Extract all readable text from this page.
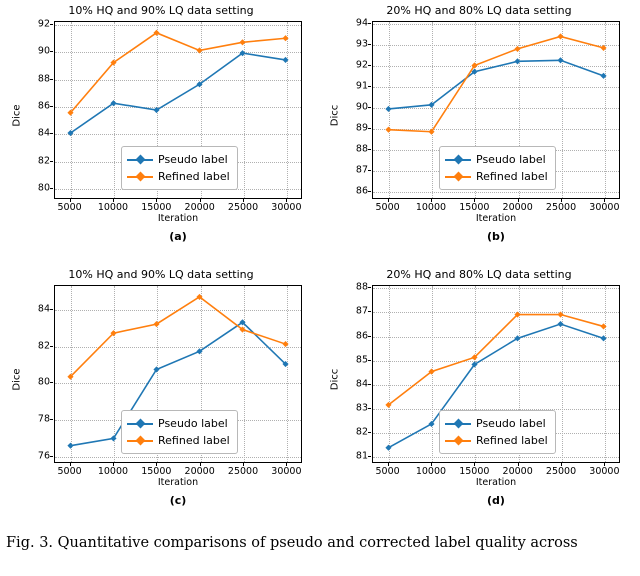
10% HQ and 90% LQ data setting
80
82
84
86
88
90
92
Pseudo label
Refined label
5000 10000 15000 20000 25000 30000
Dice
Iteration
(a)
20% HQ and 80% LQ data setting
86
87
88
89
90
91
92
93
94
Pseudo label
Refined label
5000 10000 15000 20000 25000 30000
Dicc
Iteration
(b)
10% HQ and 90% LQ data setting
76
78
80
82
84
Pseudo label
Refined label
5000 10000 15000 20000 25000 30000
Dice
Iteration
(c)
20% HQ and 80% LQ data setting
81
82
83
84
85
86
87
88
Pseudo label
Refined label
5000 10000 15000 20000 25000 30000
Dicc
Iteration
(d)
Fig. 3. Quantitative comparisons of pseudo and corrected label quality across
